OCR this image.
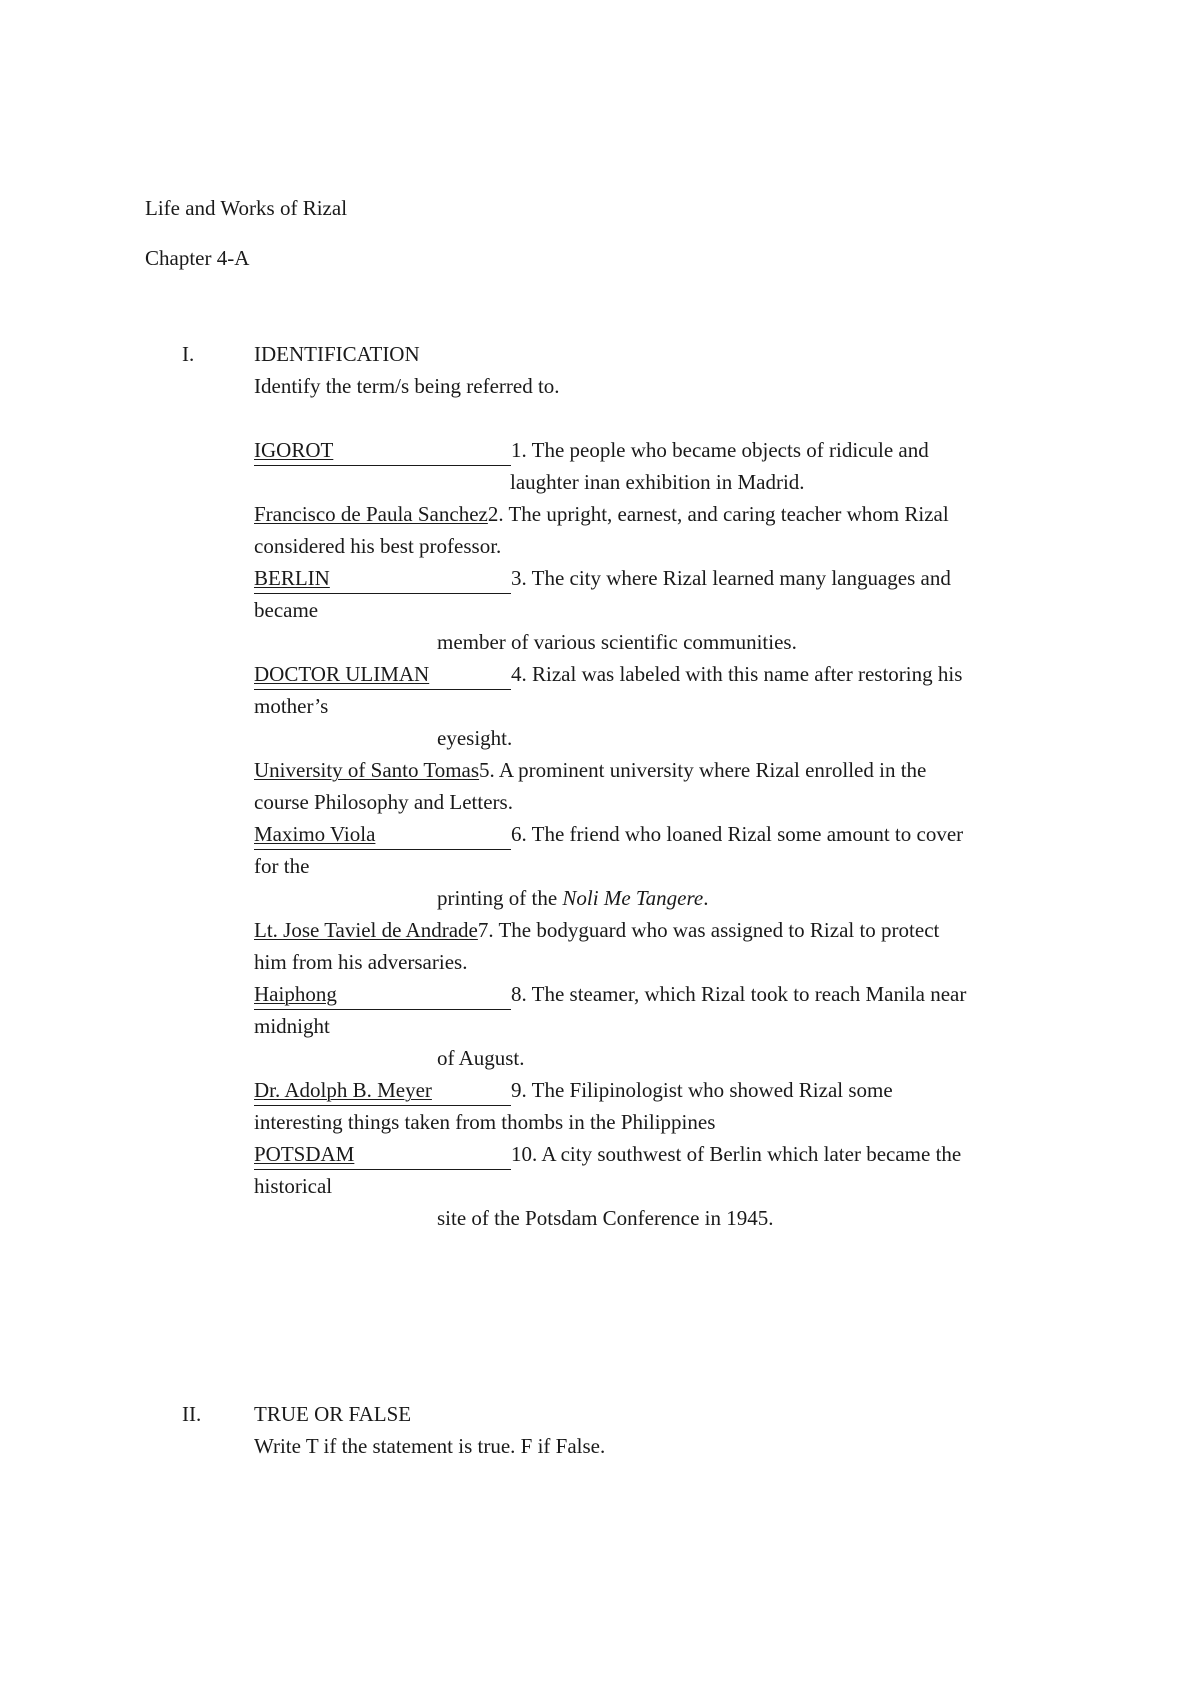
Life and Works of Rizal
Chapter 4-A
I.	IDENTIFICATION
Identify the term/s being referred to.
IGOROT	1. The people who became objects of ridicule and
laughter inan exhibition in Madrid.
Francisco de Paula Sanchez2. The upright, earnest, and caring teacher whom Rizal
considered his best professor.
BERLIN	3. The city where Rizal learned many languages and
became
member of various scientific communities.
DOCTOR ULIMAN	4. Rizal was labeled with this name after restoring his
mother’s
eyesight.
University of Santo Tomas5. A prominent university where Rizal enrolled in the
course Philosophy and Letters.
Maximo Viola	6. The friend who loaned Rizal some amount to cover
for the
printing of the Noli Me Tangere.
Lt. Jose Taviel de Andrade7. The bodyguard who was assigned to Rizal to protect
him from his adversaries.
Haiphong	8. The steamer, which Rizal took to reach Manila near
midnight
of August.
Dr. Adolph B. Meyer	9. The Filipinologist who showed Rizal some
interesting things taken from thombs in the Philippines
POTSDAM	10. A city southwest of Berlin which later became the
historical
site of the Potsdam Conference in 1945.
II.	TRUE OR FALSE
Write T if the statement is true. F if False.
